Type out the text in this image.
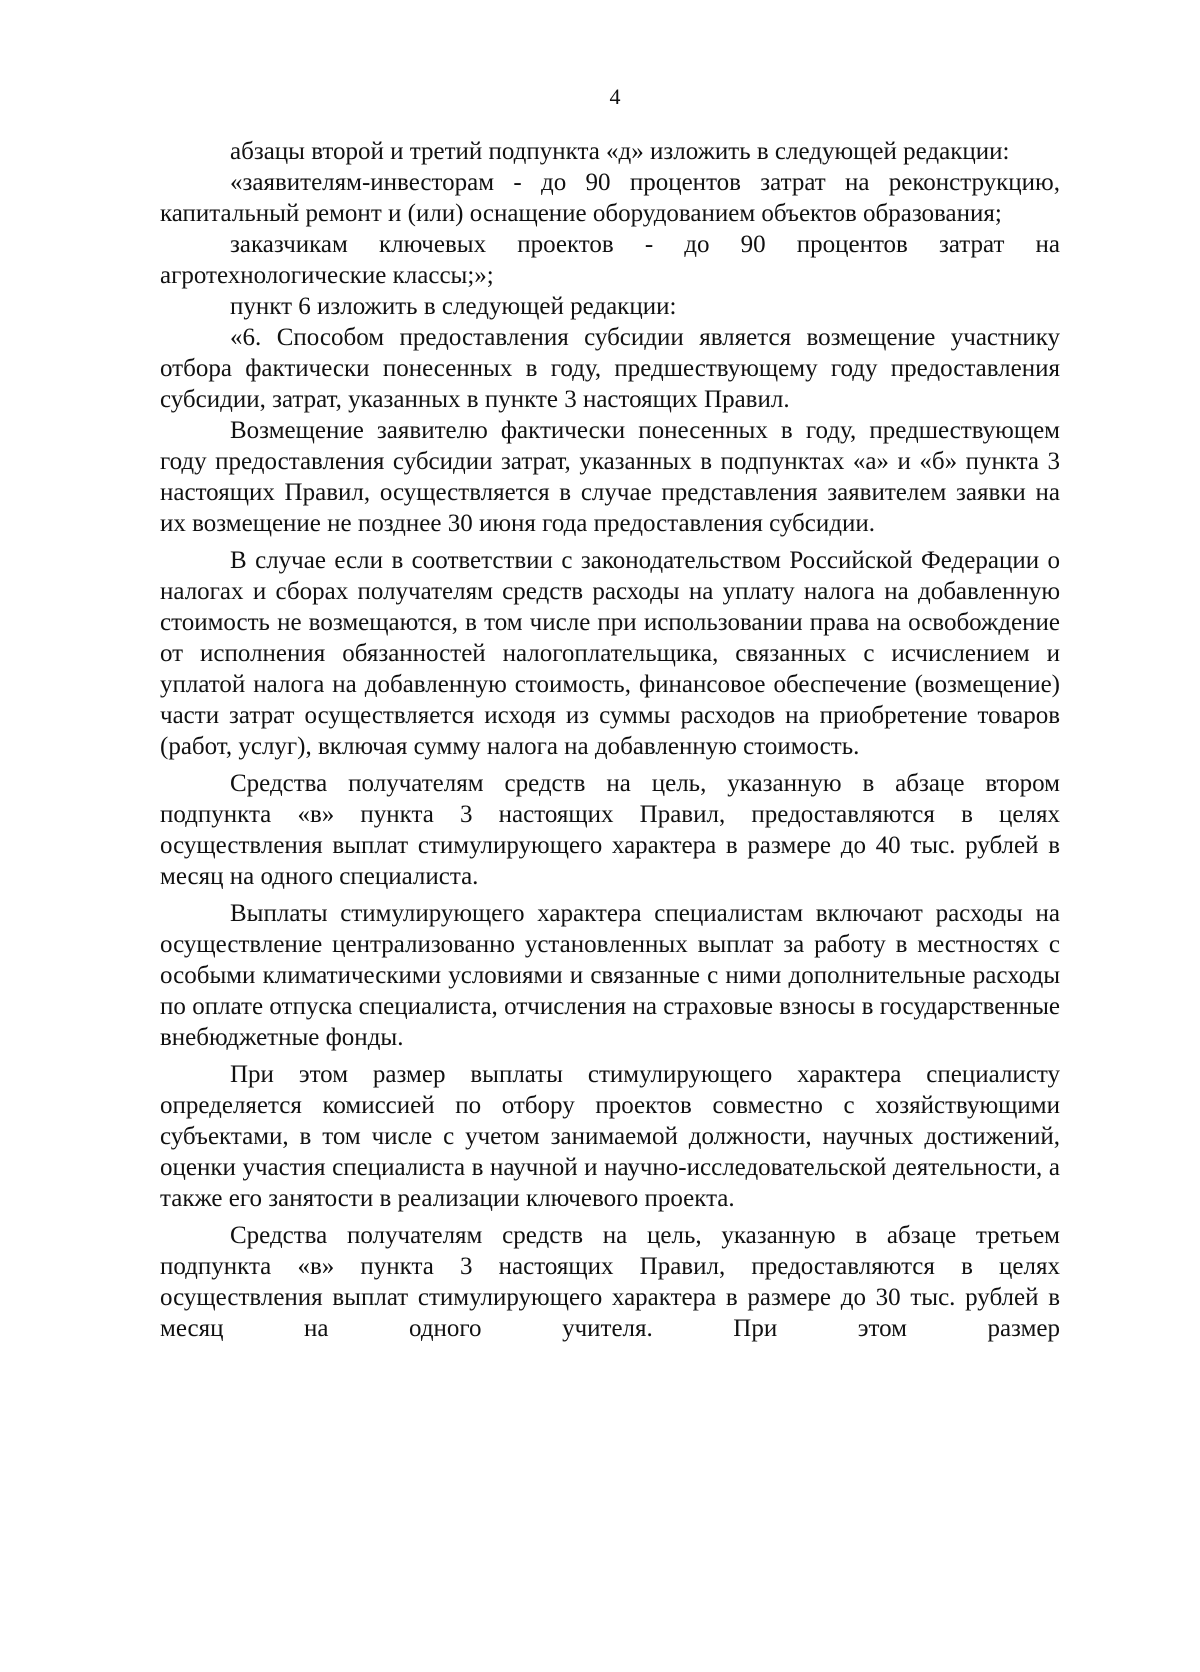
4

абзацы второй и третий подпункта «д» изложить в следующей редакции:

«заявителям-инвесторам - до 90 процентов затрат на реконструкцию, капитальный ремонт и (или) оснащение оборудованием объектов образования;

заказчикам ключевых проектов - до 90 процентов затрат на агротехнологические классы;»;

пункт 6 изложить в следующей редакции:

«6. Способом предоставления субсидии является возмещение участнику отбора фактически понесенных в году, предшествующему году предоставления субсидии, затрат, указанных в пункте 3 настоящих Правил.

Возмещение заявителю фактически понесенных в году, предшествующем году предоставления субсидии затрат, указанных в подпунктах «а» и «б» пункта 3 настоящих Правил, осуществляется в случае представления заявителем заявки на их возмещение не позднее 30 июня года предоставления субсидии.

В случае если в соответствии с законодательством Российской Федерации о налогах и сборах получателям средств расходы на уплату налога на добавленную стоимость не возмещаются, в том числе при использовании права на освобождение от исполнения обязанностей налогоплательщика, связанных с исчислением и уплатой налога на добавленную стоимость, финансовое обеспечение (возмещение) части затрат осуществляется исходя из суммы расходов на приобретение товаров (работ, услуг), включая сумму налога на добавленную стоимость.

Средства получателям средств на цель, указанную в абзаце втором подпункта «в» пункта 3 настоящих Правил, предоставляются в целях осуществления выплат стимулирующего характера в размере до 40 тыс. рублей в месяц на одного специалиста.

Выплаты стимулирующего характера специалистам включают расходы на осуществление централизованно установленных выплат за работу в местностях с особыми климатическими условиями и связанные с ними дополнительные расходы по оплате отпуска специалиста, отчисления на страховые взносы в государственные внебюджетные фонды.

При этом размер выплаты стимулирующего характера специалисту определяется комиссией по отбору проектов совместно с хозяйствующими субъектами, в том числе с учетом занимаемой должности, научных достижений, оценки участия специалиста в научной и научно-исследовательской деятельности, а также его занятости в реализации ключевого проекта.

Средства получателям средств на цель, указанную в абзаце третьем подпункта «в» пункта 3 настоящих Правил, предоставляются в целях осуществления выплат стимулирующего характера в размере до 30 тыс. рублей в месяц на одного учителя. При этом размер
